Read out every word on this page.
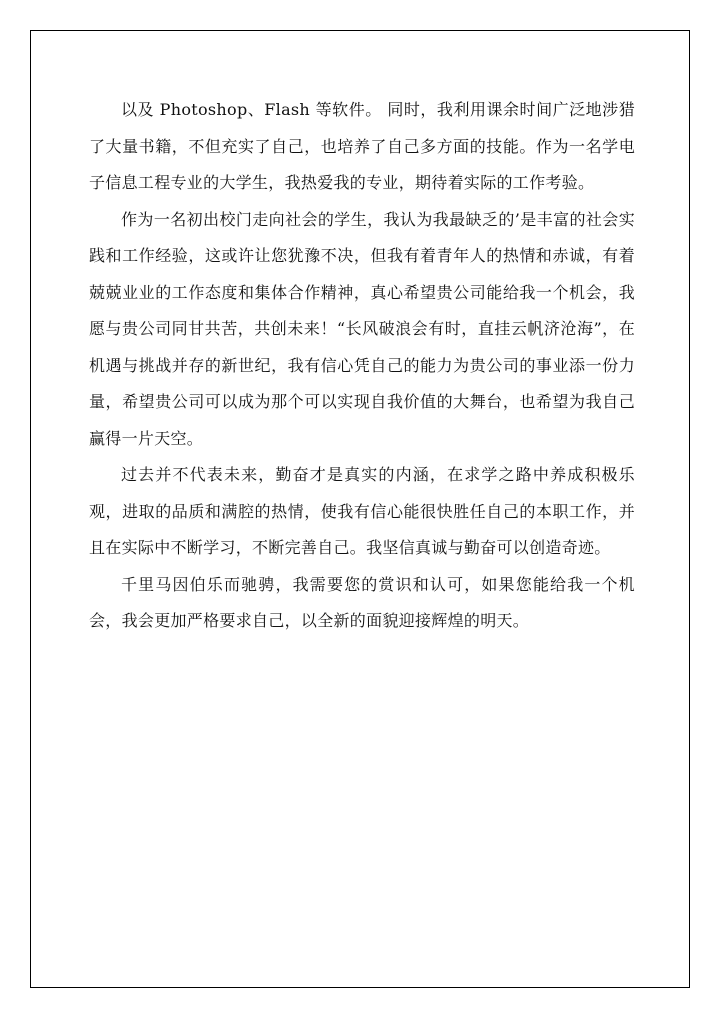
以及 Photoshop、Flash 等软件。 同时，我利用课余时间广泛地涉猎了大量书籍，不但充实了自己，也培养了自己多方面的技能。作为一名学电子信息工程专业的大学生，我热爱我的专业，期待着实际的工作考验。

作为一名初出校门走向社会的学生，我认为我最缺乏的’是丰富的社会实践和工作经验，这或许让您犹豫不决，但我有着青年人的热情和赤诚，有着兢兢业业的工作态度和集体合作精神，真心希望贵公司能给我一个机会，我愿与贵公司同甘共苦，共创未来！“长风破浪会有时，直挂云帆济沧海”，在机遇与挑战并存的新世纪，我有信心凭自己的能力为贵公司的事业添一份力量，希望贵公司可以成为那个可以实现自我价值的大舞台，也希望为我自己赢得一片天空。

过去并不代表未来，勤奋才是真实的内涵，在求学之路中养成积极乐观，进取的品质和满腔的热情，使我有信心能很快胜任自己的本职工作，并且在实际中不断学习，不断完善自己。我坚信真诚与勤奋可以创造奇迹。

千里马因伯乐而驰骋，我需要您的赏识和认可，如果您能给我一个机会，我会更加严格要求自己，以全新的面貌迎接辉煌的明天。
